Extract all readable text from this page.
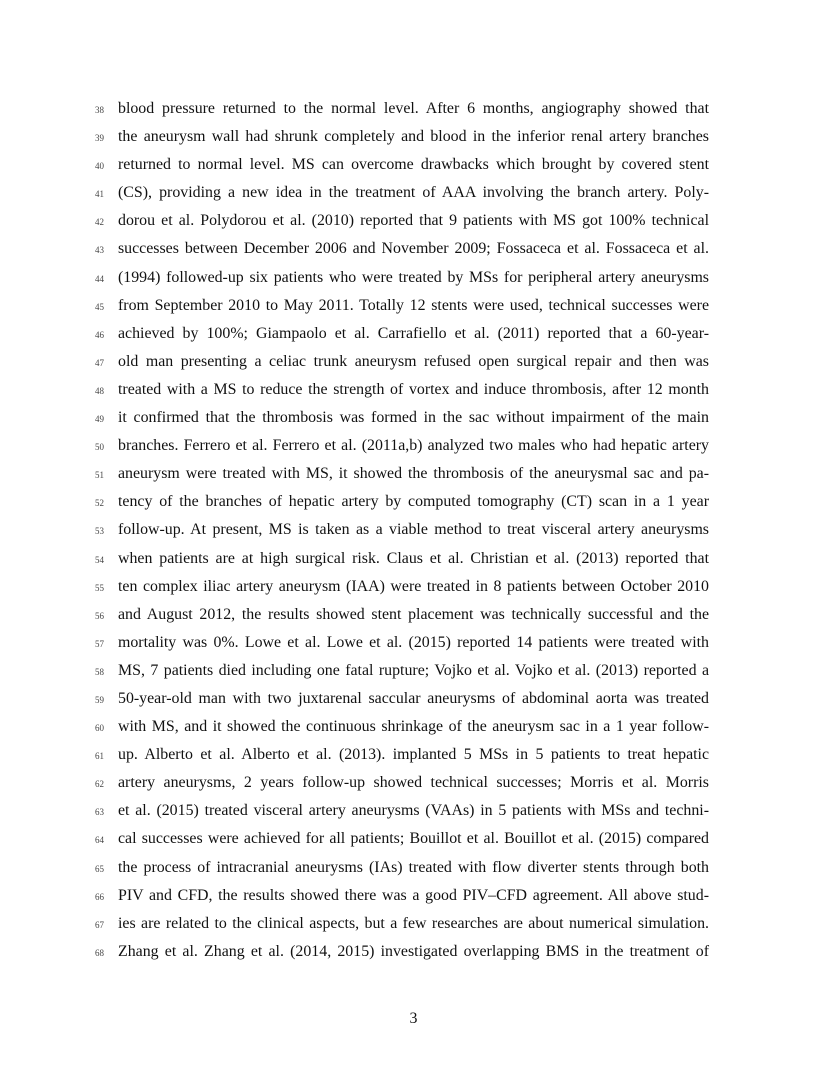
38 blood pressure returned to the normal level. After 6 months, angiography showed that
39 the aneurysm wall had shrunk completely and blood in the inferior renal artery branches
40 returned to normal level. MS can overcome drawbacks which brought by covered stent
41 (CS), providing a new idea in the treatment of AAA involving the branch artery. Poly-
42 dorou et al. Polydorou et al. (2010) reported that 9 patients with MS got 100% technical
43 successes between December 2006 and November 2009; Fossaceca et al. Fossaceca et al.
44 (1994) followed-up six patients who were treated by MSs for peripheral artery aneurysms
45 from September 2010 to May 2011. Totally 12 stents were used, technical successes were
46 achieved by 100%; Giampaolo et al. Carrafiello et al. (2011) reported that a 60-year-
47 old man presenting a celiac trunk aneurysm refused open surgical repair and then was
48 treated with a MS to reduce the strength of vortex and induce thrombosis, after 12 month
49 it confirmed that the thrombosis was formed in the sac without impairment of the main
50 branches. Ferrero et al. Ferrero et al. (2011a,b) analyzed two males who had hepatic artery
51 aneurysm were treated with MS, it showed the thrombosis of the aneurysmal sac and pa-
52 tency of the branches of hepatic artery by computed tomography (CT) scan in a 1 year
53 follow-up. At present, MS is taken as a viable method to treat visceral artery aneurysms
54 when patients are at high surgical risk. Claus et al. Christian et al. (2013) reported that
55 ten complex iliac artery aneurysm (IAA) were treated in 8 patients between October 2010
56 and August 2012, the results showed stent placement was technically successful and the
57 mortality was 0%. Lowe et al. Lowe et al. (2015) reported 14 patients were treated with
58 MS, 7 patients died including one fatal rupture; Vojko et al. Vojko et al. (2013) reported a
59 50-year-old man with two juxtarenal saccular aneurysms of abdominal aorta was treated
60 with MS, and it showed the continuous shrinkage of the aneurysm sac in a 1 year follow-
61 up. Alberto et al. Alberto et al. (2013). implanted 5 MSs in 5 patients to treat hepatic
62 artery aneurysms, 2 years follow-up showed technical successes; Morris et al. Morris
63 et al. (2015) treated visceral artery aneurysms (VAAs) in 5 patients with MSs and techni-
64 cal successes were achieved for all patients; Bouillot et al. Bouillot et al. (2015) compared
65 the process of intracranial aneurysms (IAs) treated with flow diverter stents through both
66 PIV and CFD, the results showed there was a good PIV–CFD agreement. All above stud-
67 ies are related to the clinical aspects, but a few researches are about numerical simulation.
68 Zhang et al. Zhang et al. (2014, 2015) investigated overlapping BMS in the treatment of
3
